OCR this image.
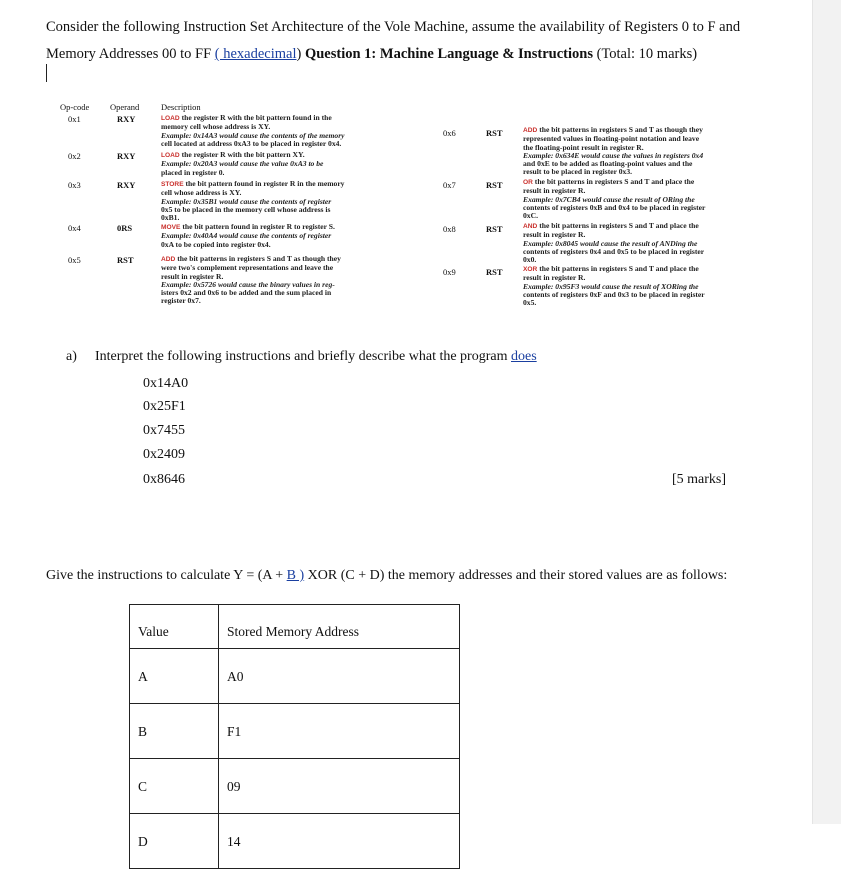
Consider the following Instruction Set Architecture of the Vole Machine, assume the availability of Registers 0 to F and
Memory Addresses 00 to FF ( hexadecimal) Question 1: Machine Language & Instructions (Total: 10 marks)
Op-code Operand	Description
0x1	RXY	LOAD the register R with the bit pattern found in the
memory cell whose address is XY.
Example: 0x14A3 would cause the contents of the memory
cell located at address 0xA3 to be placed in register 0x4.
0x2	RXY	LOAD the register R with the bit pattern XY.
Example: 0x20A3 would cause the value 0xA3 to be
placed in register 0.
0x3	RXY	STORE the bit pattern found in register R in the memory
cell whose address is XY.
Example: 0x35B1 would cause the contents of register
0x5 to be placed in the memory cell whose address is
0xB1.
0x4	0RS	MOVE the bit pattern found in register R to register S.
Example: 0x40A4 would cause the contents of register
0xA to be copied into register 0x4.
0x5	RST	ADD the bit patterns in registers S and T as though they
were two's complement representations and leave the
result in register R.
Example: 0x5726 would cause the binary values in reg-
isters 0x2 and 0x6 to be added and the sum placed in
register 0x7.
0x6	RST	ADD the bit patterns in registers S and T as though they
represented values in floating-point notation and leave
the floating-point result in register R.
Example: 0x634E would cause the values in registers 0x4
and 0xE to be added as floating-point values and the
result to be placed in register 0x3.
0x7	RST	OR the bit patterns in registers S and T and place the
result in register R.
Example: 0x7CB4 would cause the result of ORing the
contents of registers 0xB and 0x4 to be placed in register
0xC.
0x8	RST	AND the bit patterns in registers S and T and place the
result in register R.
Example: 0x8045 would cause the result of ANDing the
contents of registers 0x4 and 0x5 to be placed in register
0x0.
0x9	RST	XOR the bit patterns in registers S and T and place the
result in register R.
Example: 0x95F3 would cause the result of XORing the
contents of registers 0xF and 0x3 to be placed in register
0x5.
a) Interpret the following instructions and briefly describe what the program does
0x14A0
0x25F1
0x7455
0x2409
0x8646	[5 marks]
Give the instructions to calculate Y = (A + B ) XOR (C + D) the memory addresses and their stored values are as follows:
Value	Stored Memory Address
A	A0
B	F1
C	09
D	14
